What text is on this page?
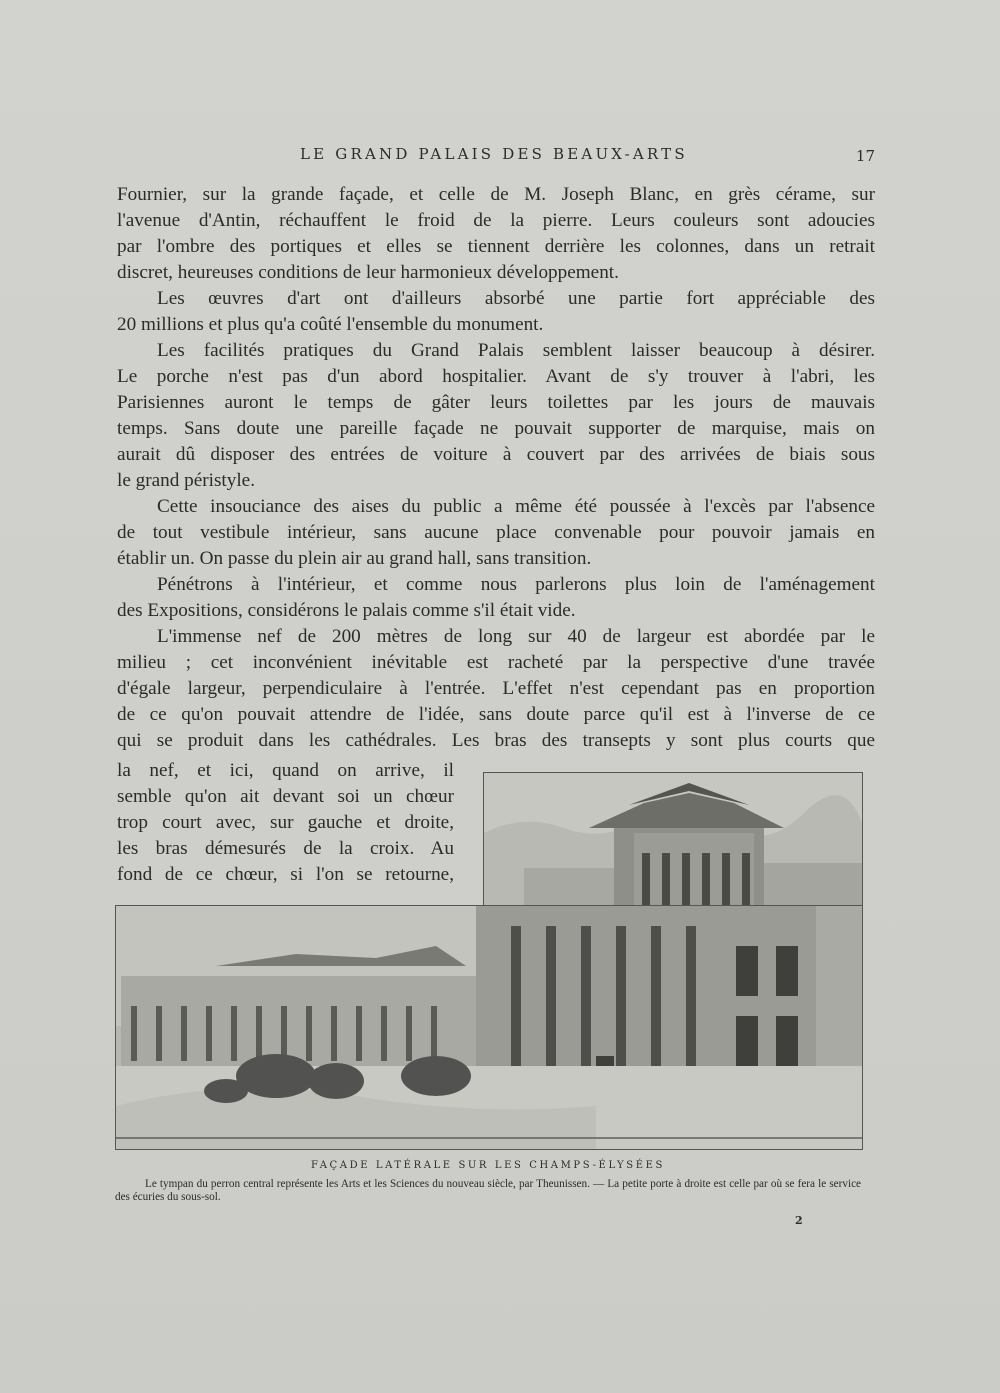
LE GRAND PALAIS DES BEAUX-ARTS	17
Fournier, sur la grande façade, et celle de M. Joseph Blanc, en grès cérame, sur
l'avenue d'Antin, réchauffent le froid de la pierre. Leurs couleurs sont adoucies
par l'ombre des portiques et elles se tiennent derrière les colonnes, dans un retrait
discret, heureuses conditions de leur harmonieux développement.
Les œuvres d'art ont d'ailleurs absorbé une partie fort appréciable des
20 millions et plus qu'a coûté l'ensemble du monument.
Les facilités pratiques du Grand Palais semblent laisser beaucoup à désirer.
Le porche n'est pas d'un abord hospitalier. Avant de s'y trouver à l'abri, les
Parisiennes auront le temps de gâter leurs toilettes par les jours de mauvais
temps. Sans doute une pareille façade ne pouvait supporter de marquise, mais on
aurait dû disposer des entrées de voiture à couvert par des arrivées de biais sous
le grand péristyle.
Cette insouciance des aises du public a même été poussée à l'excès par l'absence
de tout vestibule intérieur, sans aucune place convenable pour pouvoir jamais en
établir un. On passe du plein air au grand hall, sans transition.
Pénétrons à l'intérieur, et comme nous parlerons plus loin de l'aménagement
des Expositions, considérons le palais comme s'il était vide.
L'immense nef de 200 mètres de long sur 40 de largeur est abordée par le
milieu ; cet inconvénient inévitable est racheté par la perspective d'une travée
d'égale largeur, perpendiculaire à l'entrée. L'effet n'est cependant pas en proportion
de ce qu'on pouvait attendre de l'idée, sans doute parce qu'il est à l'inverse de ce
qui se produit dans les cathédrales. Les bras des transepts y sont plus courts que
la nef, et ici, quand on arrive, il
semble qu'on ait devant soi un chœur
trop court avec, sur gauche et droite,
les bras démesurés de la croix. Au
fond de ce chœur, si l'on se retourne,
FAÇADE LATÉRALE SUR LES CHAMPS-ÉLYSÉES
Le tympan du perron central représente les Arts et les Sciences du nouveau siècle, par Theunissen. — La petite porte à droite est celle par où se fera le service des écuries du sous-sol.
2
